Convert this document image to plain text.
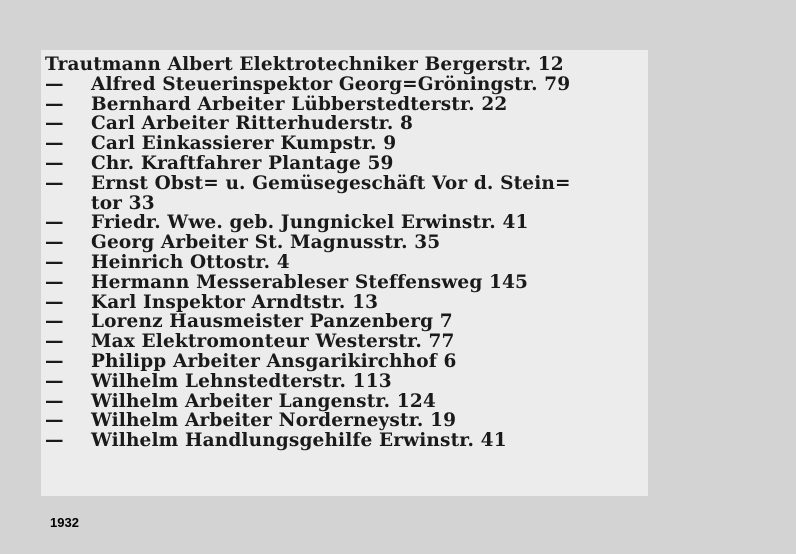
Trautmann Albert Elektrotechniker Bergerstr. 12
— Alfred Steuerinspektor Georg=Gröningstr. 79
— Bernhard Arbeiter Lübberstedterstr. 22
— Carl Arbeiter Ritterhuderstr. 8
— Carl Einkassierer Kumpstr. 9
— Chr. Kraftfahrer Plantage 59
— Ernst Obst= u. Gemüsegeschäft Vor d. Stein=
tor 33
— Friedr. Wwe. geb. Jungnickel Erwinstr. 41
— Georg Arbeiter St. Magnusstr. 35
— Heinrich Ottostr. 4
— Hermann Messerableser Steffensweg 145
— Karl Inspektor Arndtstr. 13
— Lorenz Hausmeister Panzenberg 7
— Max Elektromonteur Westerstr. 77
— Philipp Arbeiter Ansgarikirchhof 6
— Wilhelm Lehnstedterstr. 113
— Wilhelm Arbeiter Langenstr. 124
— Wilhelm Arbeiter Norderneystr. 19
— Wilhelm Handlungsgehilfe Erwinstr. 41
1932
